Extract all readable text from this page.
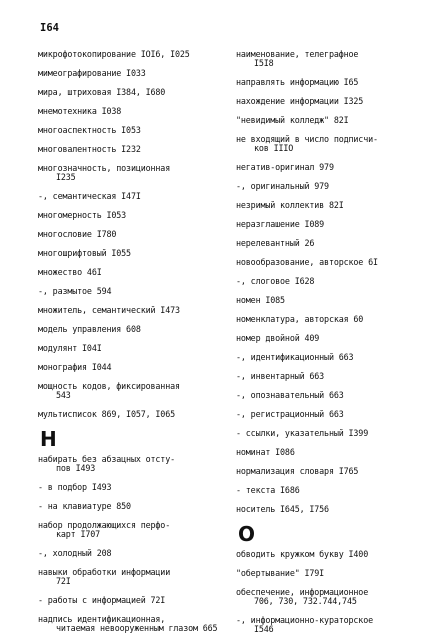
I64
микрофотокопирование IOI6, I025
мимеографирование I033
мира, штриховая I384, I680
мнемотехника I038
многоаспектность I053
многовалентность I232
многозначность, позиционная
I235
-, семантическая I47I
многомерность I053
многословие I780
многошрифтовый I055
множество 46I
-, размытое 594
множитель, семантический I473
модель управления 608
модулянт I04I
монография I044
мощность кодов, фиксированная
543
мультисписок 869, I057, I065
Н
набирать без абзацных отсту-
пов I493
- в подбор I493
- на клавиатуре 850
набор продолжающихся перфо-
карт I707
-, холодный 208
навыки обработки информации
72I
- работы с информацией 72I
надпись идентификационная,
читаемая невооруженным глазом 665
наименование, телеграфное
I5I8
направлять информацию I65
нахождение информации I325
"невидимый колледж" 82I
не входящий в число подписчи-
ков IIIO
негатив-оригинал 979
-, оригинальный 979
незримый коллектив 82I
неразглашение I089
нерелевантный 26
новообразование, авторское 6I
-, слоговое I628
номен I085
номенклатура, авторская 60
номер двойной 409
-, идентификационный 663
-, инвентарный 663
-, опознавательный 663
-, регистрационный 663
- ссылки, указательный I399
номинат I086
нормализация словаря I765
- текста I686
носитель I645, I756
О
обводить кружком букву I400
"обертывание" I79I
обеспечение, информационное
706, 730, 732.744,745
-, информационно-кураторское
I546
